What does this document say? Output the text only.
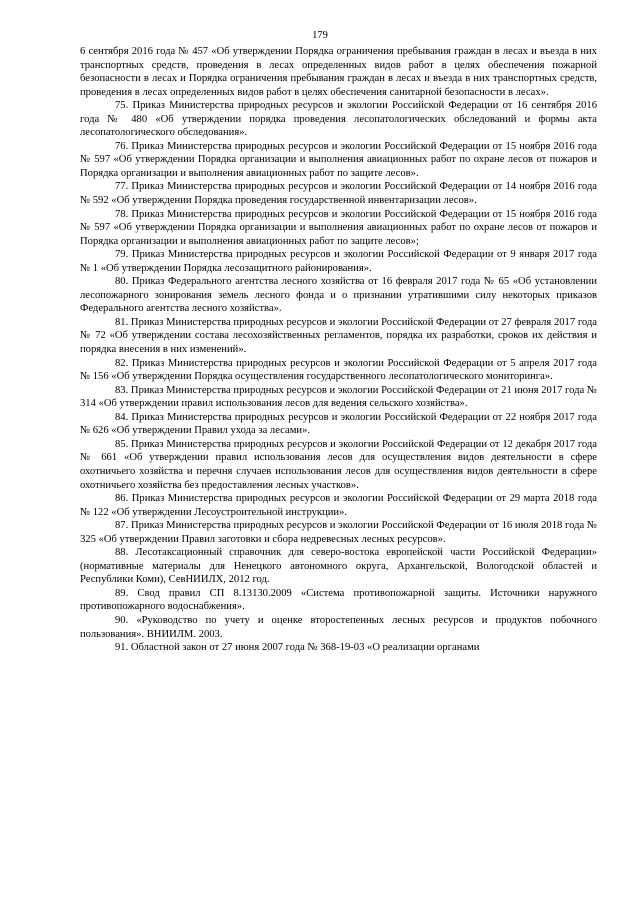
179

6 сентября 2016 года № 457 «Об утверждении Порядка ограничения пребывания граждан в лесах и въезда в них транспортных средств, проведения в лесах определенных видов работ в целях обеспечения пожарной безопасности в лесах и Порядка ограничения пребывания граждан в лесах и въезда в них транспортных средств, проведения в лесах определенных видов работ в целях обеспечения санитарной безопасности в лесах».

75. Приказ Министерства природных ресурсов и экологии Российской Федерации от 16 сентября 2016 года № 480 «Об утверждении порядка проведения лесопатологических обследований и формы акта лесопатологического обследования».

76. Приказ Министерства природных ресурсов и экологии Российской Федерации от 15 ноября 2016 года № 597 «Об утверждении Порядка организации и выполнения авиационных работ по охране лесов от пожаров и Порядка организации и выполнения авиационных работ по защите лесов».

77. Приказ Министерства природных ресурсов и экологии Российской Федерации от 14 ноября 2016 года № 592 «Об утверждении Порядка проведения государственной инвентаризации лесов».

78. Приказ Министерства природных ресурсов и экологии Российской Федерации от 15 ноября 2016 года № 597 «Об утверждении Порядка организации и выполнения авиационных работ по охране лесов от пожаров и Порядка организации и выполнения авиационных работ по защите лесов»;

79. Приказ Министерства природных ресурсов и экологии Российской Федерации от 9 января 2017 года № 1 «Об утверждении Порядка лесозащитного районирования».

80. Приказ Федерального агентства лесного хозяйства от 16 февраля 2017 года № 65 «Об установлении лесопожарного зонирования земель лесного фонда и о признании утратившими силу некоторых приказов Федерального агентства лесного хозяйства».

81. Приказ Министерства природных ресурсов и экологии Российской Федерации от 27 февраля 2017 года № 72 «Об утверждении состава лесохозяйственных регламентов, порядка их разработки, сроков их действия и порядка внесения в них изменений».

82. Приказ Министерства природных ресурсов и экологии Российской Федерации от 5 апреля 2017 года № 156 «Об утверждении Порядка осуществления государственного лесопатологического мониторинга».

83. Приказ Министерства природных ресурсов и экологии Российской Федерации от 21 июня 2017 года № 314 «Об утверждении правил использования лесов для ведения сельского хозяйства».

84. Приказ Министерства природных ресурсов и экологии Российской Федерации от 22 ноября 2017 года № 626 «Об утверждении Правил ухода за лесами».

85. Приказ Министерства природных ресурсов и экологии Российской Федерации от 12 декабря 2017 года № 661 «Об утверждении правил использования лесов для осуществления видов деятельности в сфере охотничьего хозяйства и перечня случаев использования лесов для осуществления видов деятельности в сфере охотничьего хозяйства без предоставления лесных участков».

86. Приказ Министерства природных ресурсов и экологии Российской Федерации от 29 марта 2018 года № 122 «Об утверждении Лесоустроительной инструкции».

87. Приказ Министерства природных ресурсов и экологии Российской Федерации от 16 июля 2018 года № 325 «Об утверждении Правил заготовки и сбора недревесных лесных ресурсов».

88. Лесотаксационный справочник для северо-востока европейской части Российской Федерации» (нормативные материалы для Ненецкого автономного округа, Архангельской, Вологодской областей и Республики Коми), СевНИИЛХ, 2012 год.

89. Свод правил СП 8.13130.2009 «Система противопожарной защиты. Источники наружного противопожарного водоснабжения».

90. «Руководство по учету и оценке второстепенных лесных ресурсов и продуктов побочного пользования». ВНИИЛМ. 2003.

91. Областной закон от 27 июня 2007 года № 368-19-03 «О реализации органами
